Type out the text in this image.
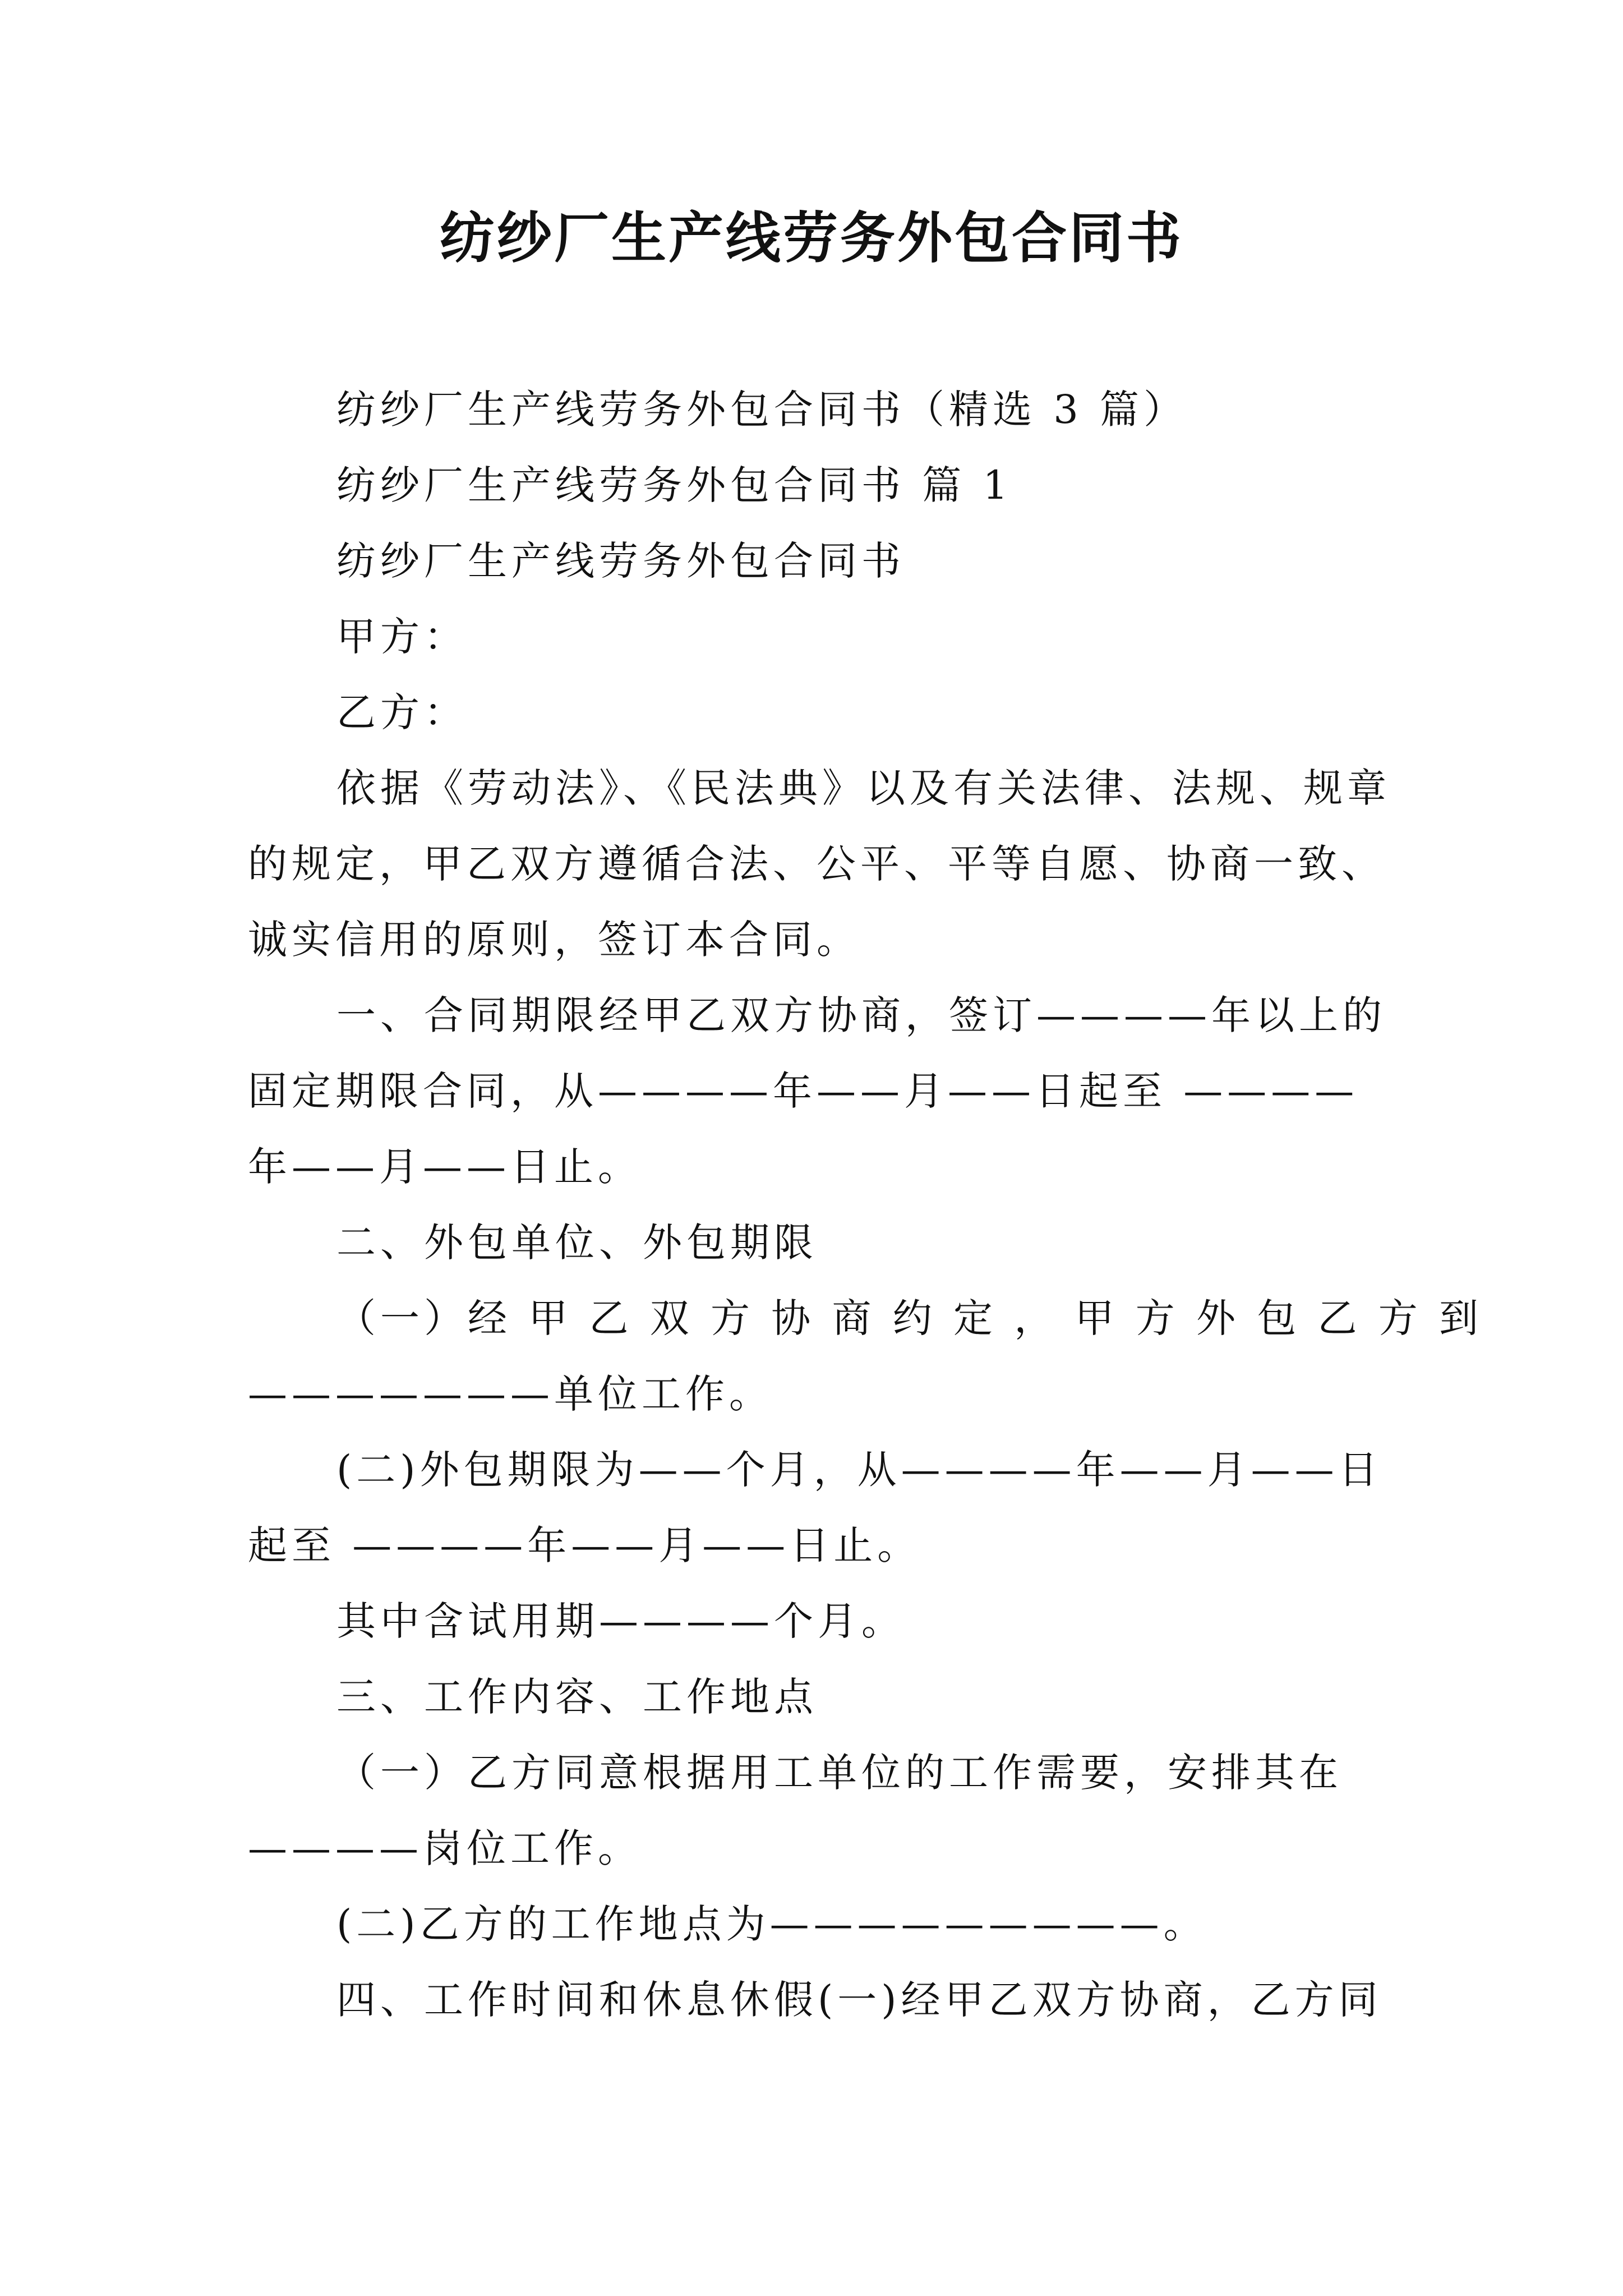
纺纱厂生产线劳务外包合同书
纺纱厂生产线劳务外包合同书（精选 3 篇）
纺纱厂生产线劳务外包合同书 篇 1
纺纱厂生产线劳务外包合同书
甲方：
乙方：
依据《劳动法》、《民法典》以及有关法律、法规、规章
的规定，甲乙双方遵循合法、公平、平等自愿、协商一致、
诚实信用的原则，签订本合同。
一、合同期限经甲乙双方协商，签订————年以上的
固定期限合同，从————年——月——日起至 ————
年——月——日止。
二、外包单位、外包期限
（一）经 甲 乙 双 方 协 商 约 定 ， 甲 方 外 包 乙 方 到
———————单位工作。
(二)外包期限为——个月，从————年——月——日
起至 ————年——月——日止。
其中含试用期————个月。
三、工作内容、工作地点
（一）乙方同意根据用工单位的工作需要，安排其在
————岗位工作。
(二)乙方的工作地点为—————————。
四、工作时间和休息休假(一)经甲乙双方协商，乙方同
